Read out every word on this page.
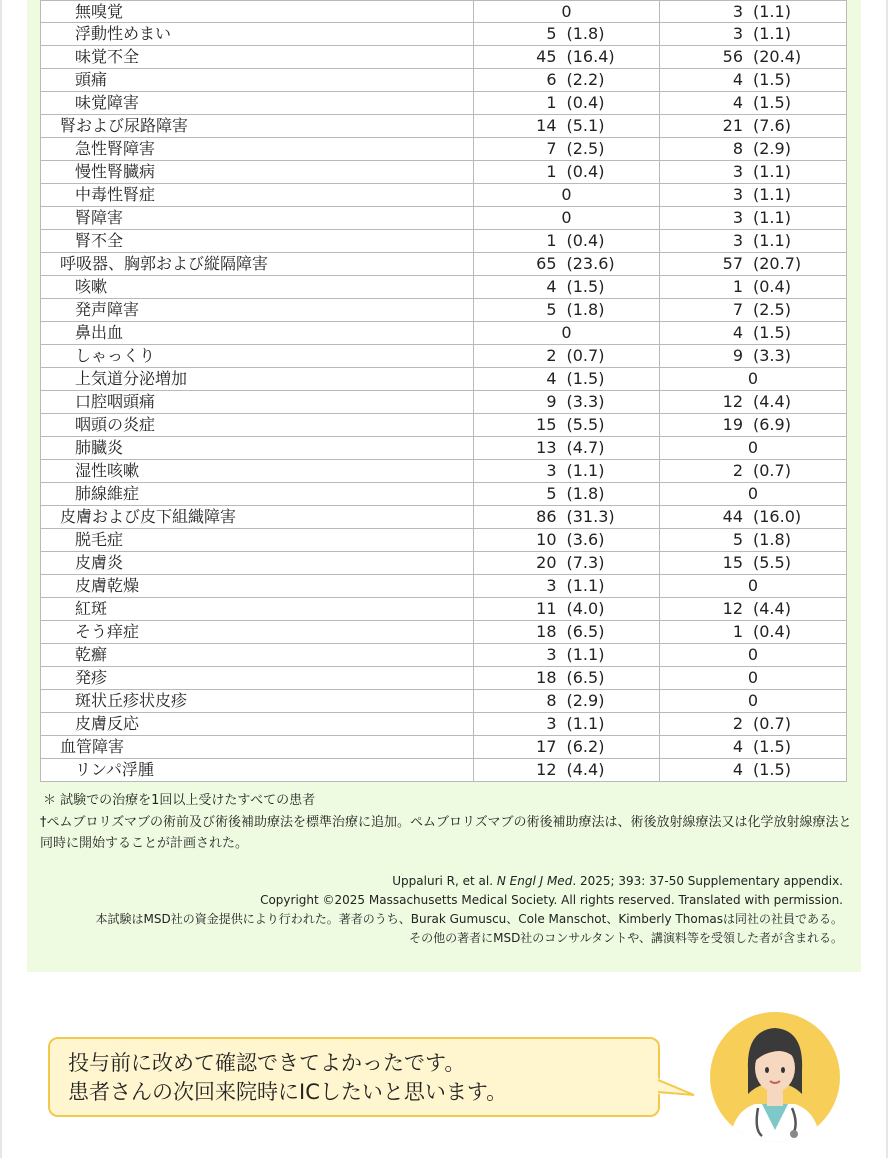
無嗅覚	0	3 (1.1)

浮動性めまい	5 (1.8)	3 (1.1)

味覚不全	45 (16.4)	56 (20.4)

頭痛	6 (2.2)	4 (1.5)

味覚障害	1 (0.4)	4 (1.5)

腎および尿路障害	14 (5.1)	21 (7.6)

急性腎障害	7 (2.5)	8 (2.9)

慢性腎臓病	1 (0.4)	3 (1.1)

中毒性腎症	0	3 (1.1)

腎障害	0	3 (1.1)

腎不全	1 (0.4)	3 (1.1)

呼吸器、胸郭および縦隔障害	65 (23.6)	57 (20.7)

咳嗽	4 (1.5)	1 (0.4)

発声障害	5 (1.8)	7 (2.5)

鼻出血	0	4 (1.5)

しゃっくり	2 (0.7)	9 (3.3)

上気道分泌増加	4 (1.5)	0

口腔咽頭痛	9 (3.3)	12 (4.4)

咽頭の炎症	15 (5.5)	19 (6.9)

肺臓炎	13 (4.7)	0

湿性咳嗽	3 (1.1)	2 (0.7)

肺線維症	5 (1.8)	0

皮膚および皮下組織障害	86 (31.3)	44 (16.0)

脱毛症	10 (3.6)	5 (1.8)

皮膚炎	20 (7.3)	15 (5.5)

皮膚乾燥	3 (1.1)	0

紅斑	11 (4.0)	12 (4.4)

そう痒症	18 (6.5)	1 (0.4)

乾癬	3 (1.1)	0

発疹	18 (6.5)	0

斑状丘疹状皮疹	8 (2.9)	0

皮膚反応	3 (1.1)	2 (0.7)

血管障害	17 (6.2)	4 (1.5)

リンパ浮腫	12 (4.4)	4 (1.5)
＊ 試験での治療を1回以上受けたすべての患者
†ペムブロリズマブの術前及び術後補助療法を標準治療に追加。ペムブロリズマブの術後補助療法は、術後放射線療法又は化学放射線療法と同時に開始することが計画された。
Uppaluri R, et al. N Engl J Med. 2025; 393: 37-50 Supplementary appendix.
Copyright ©2025 Massachusetts Medical Society. All rights reserved. Translated with permission.
本試験はMSD社の資金提供により行われた。著者のうち、Burak Gumuscu、Cole Manschot、Kimberly Thomasは同社の社員である。
その他の著者にMSD社のコンサルタントや、講演料等を受領した者が含まれる。
投与前に改めて確認できてよかったです。
患者さんの次回来院時にICしたいと思います。
